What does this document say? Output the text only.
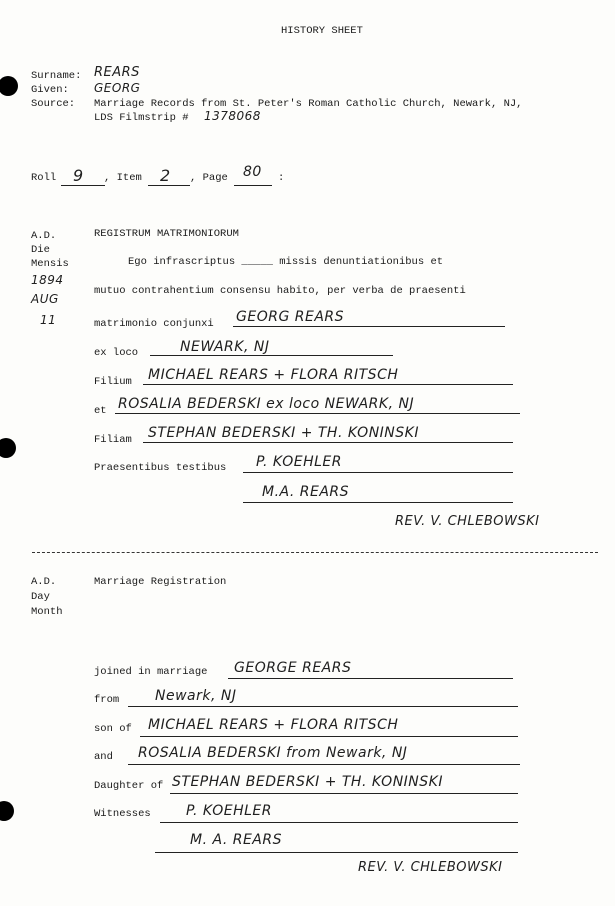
HISTORY SHEET
Surname: REARS
Given: GEORG
Source: Marriage Records from St. Peter's Roman Catholic Church, Newark, NJ,
LDS Filmstrip # 1378068
Roll 9 , Item 2 , Page 80 :
A.D.
Die
Mensis
1894
AUG
11
REGISTRUM MATRIMONIORUM
Ego infrascriptus _____ missis denuntiationibus et
mutuo contrahentium consensu habito, per verba de praesenti
matrimonio conjunxi GEORG REARS
ex loco	NEWARK, NJ
Filium MICHAEL REARS + FLORA RITSCH
et ROSALIA BEDERSKI ex loco NEWARK, NJ
Filiam STEPHAN BEDERSKI + TH. KONINSKI
Praesentibus testibus P. KOEHLER
M.A. REARS
REV. V. CHLEBOWSKI
A.D.
Day
Month
Marriage Registration
joined in marriage GEORGE REARS
from	Newark, NJ
son of MICHAEL REARS + FLORA RITSCH
and ROSALIA BEDERSKI from Newark, NJ
Daughter of STEPHAN BEDERSKI + TH. KONINSKI
Witnesses	P. KOEHLER
M. A. REARS
REV. V. CHLEBOWSKI
